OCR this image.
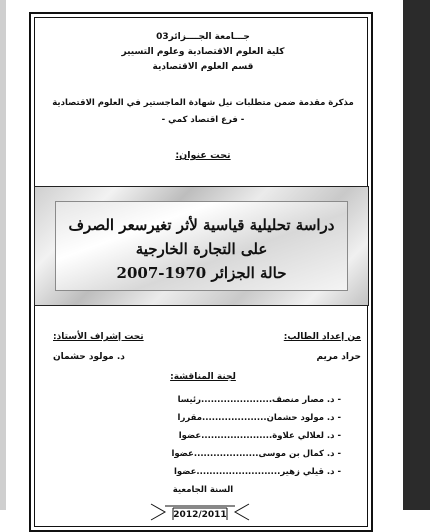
جـــامعة الجــــزائر03
كلية العلوم الاقتصادية وعلوم التسيير
قسم العلوم الاقتصادية
مذكرة مقدمة ضمن متطلبات نيل شهادة الماجستير في العلوم الاقتصادية
- فرع اقتصاد كمي -
تحت عنوان:
دراسة تحليلية قياسية لأثر تغيرسعر الصرف
على التجارة الخارجية
حالة الجزائر 1970-2007
من إعداد الطالب:
حراد مريم
تحت إشراف الأستاذ:
د. مولود حشمان
لجنة المناقشة:
- د. مصار منصف......................رئيسا
- د. مولود حشمان....................مقررا
- د. لعلالي علاوة......................عضوا
- د. كمال بن موسى....................عضوا
- د. قيلي زهير..........................عضوا
السنة الجامعية
2012/2011
